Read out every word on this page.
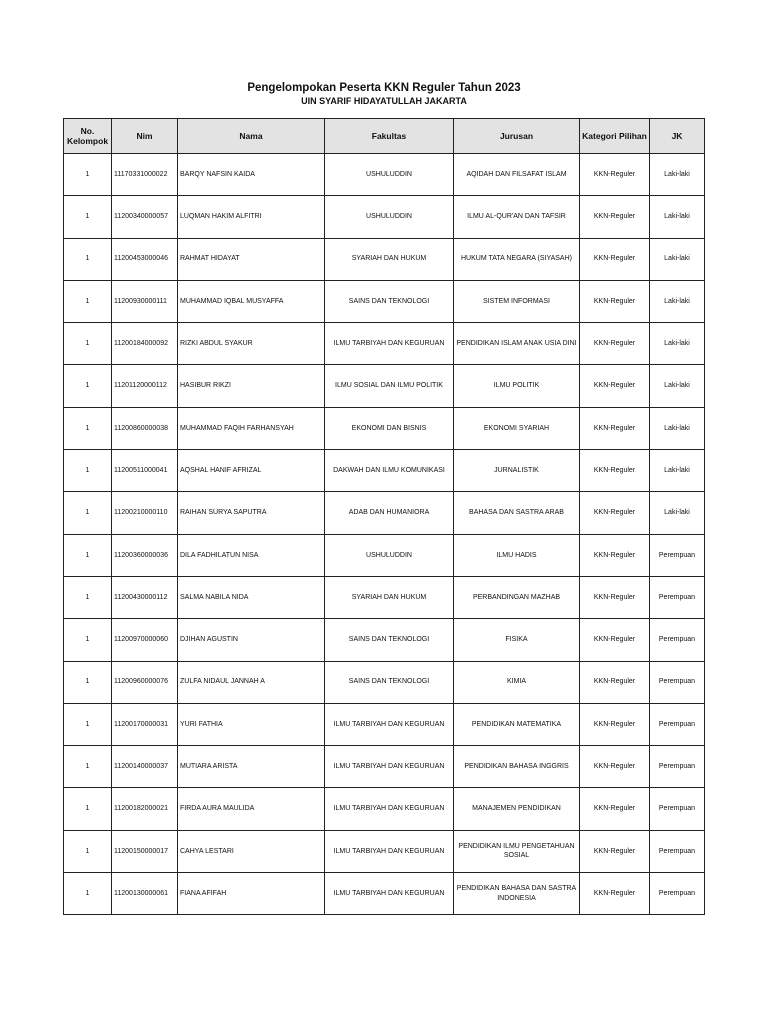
Pengelompokan Peserta KKN Reguler Tahun 2023
UIN SYARIF HIDAYATULLAH JAKARTA
No. Kelompok	Nim	Nama	Fakultas	Jurusan	Kategori Pilihan	JK
1	11170331000022	BARQY NAFSIN KAIDA	USHULUDDIN	AQIDAH DAN FILSAFAT ISLAM	KKN-Reguler	Laki-laki
1	11200340000057	LUQMAN HAKIM ALFITRI	USHULUDDIN	ILMU AL-QUR'AN DAN TAFSIR	KKN-Reguler	Laki-laki
1	11200453000046	RAHMAT HIDAYAT	SYARIAH DAN HUKUM	HUKUM TATA NEGARA (SIYASAH)	KKN-Reguler	Laki-laki
1	11200930000111	MUHAMMAD IQBAL MUSYAFFA	SAINS DAN TEKNOLOGI	SISTEM INFORMASI	KKN-Reguler	Laki-laki
1	11200184000092	RIZKI ABDUL SYAKUR	ILMU TARBIYAH DAN KEGURUAN	PENDIDIKAN ISLAM ANAK USIA DINI	KKN-Reguler	Laki-laki
1	11201120000112	HASIBUR RIKZI	ILMU SOSIAL DAN ILMU POLITIK	ILMU POLITIK	KKN-Reguler	Laki-laki
1	11200860000038	MUHAMMAD FAQIH FARHANSYAH	EKONOMI DAN BISNIS	EKONOMI SYARIAH	KKN-Reguler	Laki-laki
1	11200511000041	AQSHAL HANIF AFRIZAL	DAKWAH DAN ILMU KOMUNIKASI	JURNALISTIK	KKN-Reguler	Laki-laki
1	11200210000110	RAIHAN SURYA SAPUTRA	ADAB DAN HUMANIORA	BAHASA DAN SASTRA ARAB	KKN-Reguler	Laki-laki
1	11200360000036	DILA FADHILATUN NISA	USHULUDDIN	ILMU HADIS	KKN-Reguler	Perempuan
1	11200430000112	SALMA NABILA NIDA	SYARIAH DAN HUKUM	PERBANDINGAN MAZHAB	KKN-Reguler	Perempuan
1	11200970000060	DJIHAN AGUSTIN	SAINS DAN TEKNOLOGI	FISIKA	KKN-Reguler	Perempuan
1	11200960000076	ZULFA NIDAUL JANNAH A	SAINS DAN TEKNOLOGI	KIMIA	KKN-Reguler	Perempuan
1	11200170000031	YURI FATHIA	ILMU TARBIYAH DAN KEGURUAN	PENDIDIKAN MATEMATIKA	KKN-Reguler	Perempuan
1	11200140000037	MUTIARA ARISTA	ILMU TARBIYAH DAN KEGURUAN	PENDIDIKAN BAHASA INGGRIS	KKN-Reguler	Perempuan
1	11200182000021	FIRDA AURA MAULIDA	ILMU TARBIYAH DAN KEGURUAN	MANAJEMEN PENDIDIKAN	KKN-Reguler	Perempuan
1	11200150000017	CAHYA LESTARI	ILMU TARBIYAH DAN KEGURUAN	PENDIDIKAN ILMU PENGETAHUAN SOSIAL	KKN-Reguler	Perempuan
1	11200130000061	FIANA AFIFAH	ILMU TARBIYAH DAN KEGURUAN	PENDIDIKAN BAHASA DAN SASTRA INDONESIA	KKN-Reguler	Perempuan
